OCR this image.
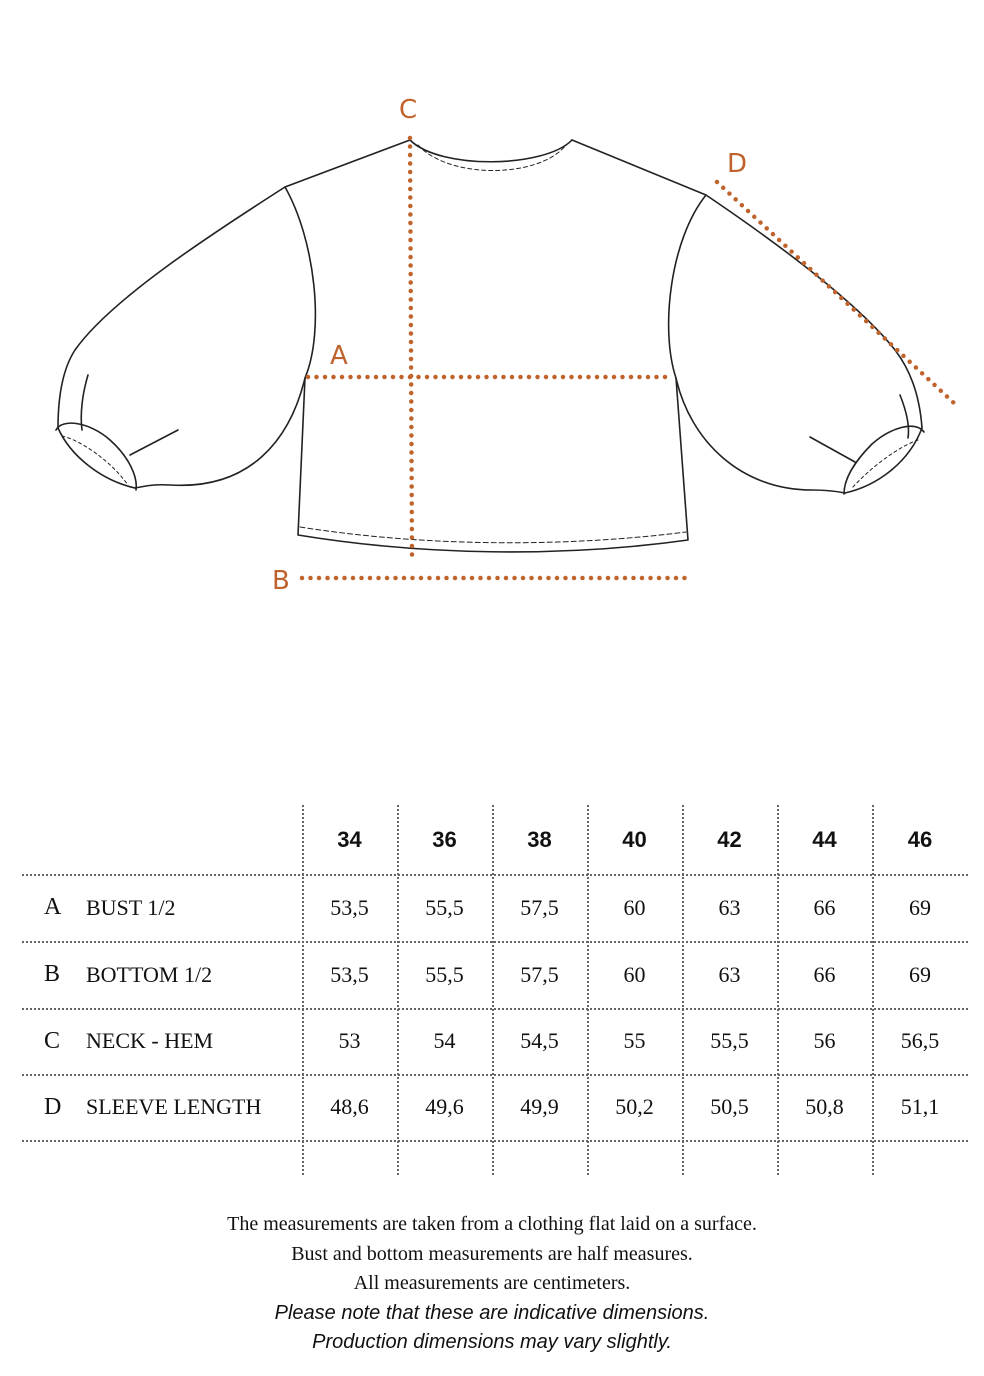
A
B
C
D
34	36	38	40	42	44	46
A BUST 1/2	53,5	55,5	57,5	60	63	66	69
B BOTTOM 1/2	53,5	55,5	57,5	60	63	66	69
C NECK - HEM	53	54	54,5	55	55,5	56	56,5
D SLEEVE LENGTH	48,6	49,6	49,9	50,2	50,5	50,8	51,1
The measurements are taken from a clothing flat laid on a surface.
Bust and bottom measurements are half measures.
All measurements are centimeters.
Please note that these are indicative dimensions.
Production dimensions may vary slightly.
